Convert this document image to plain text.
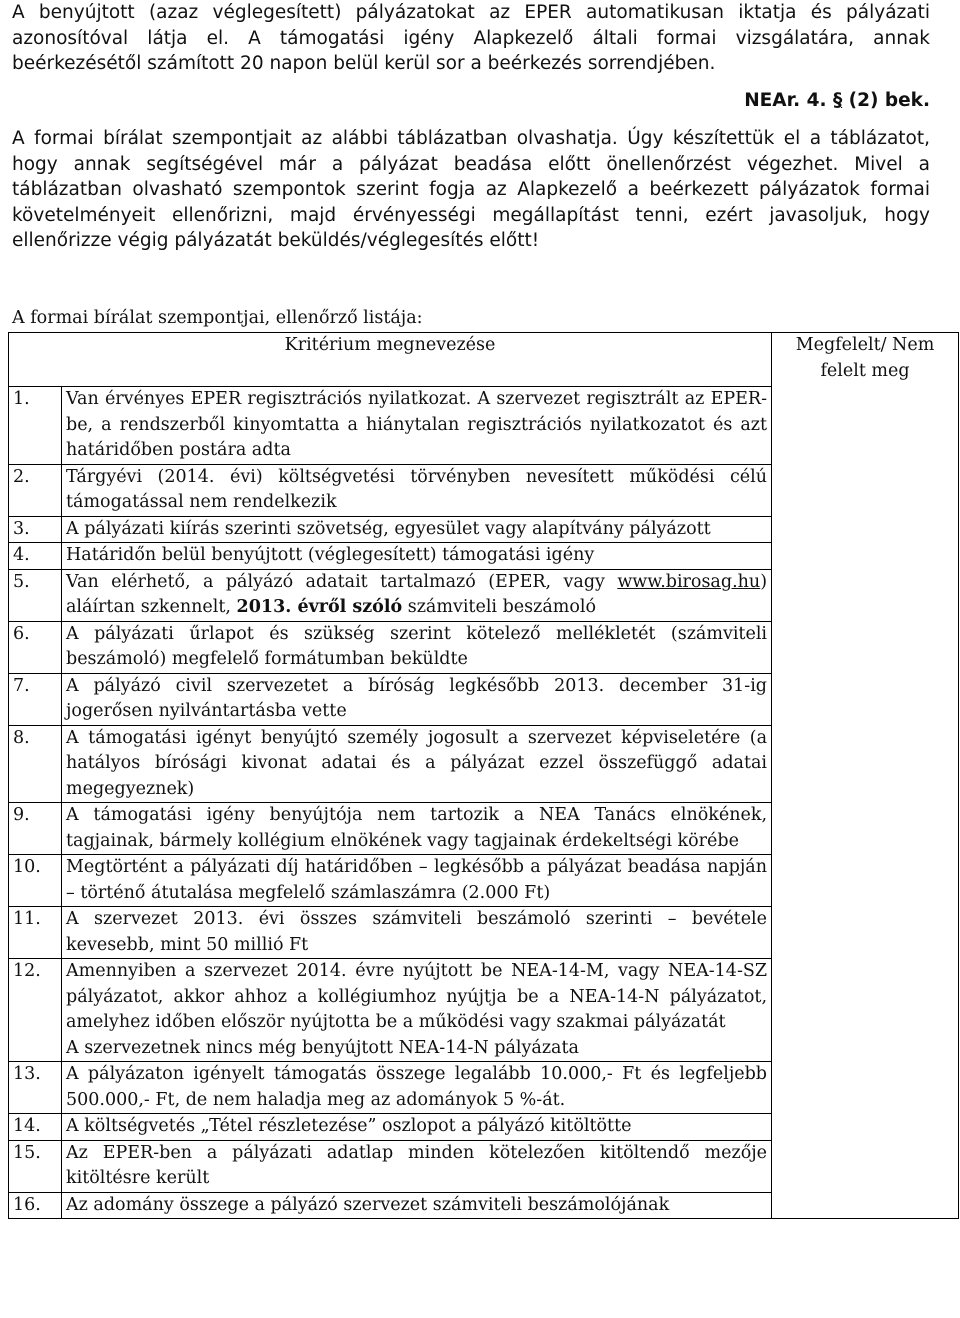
A benyújtott (azaz véglegesített) pályázatokat az EPER automatikusan iktatja és pályázati azonosítóval látja el. A támogatási igény Alapkezelő általi formai vizsgálatára, annak beérkezésétől számított 20 napon belül kerül sor a beérkezés sorrendjében.
NEAr. 4. § (2) bek.
A formai bírálat szempontjait az alábbi táblázatban olvashatja. Úgy készítettük el a táblázatot, hogy annak segítségével már a pályázat beadása előtt önellenőrzést végezhet. Mivel a táblázatban olvasható szempontok szerint fogja az Alapkezelő a beérkezett pályázatok formai követelményeit ellenőrizni, majd érvényességi megállapítást tenni, ezért javasoljuk, hogy ellenőrizze végig pályázatát beküldés/véglegesítés előtt!
A formai bírálat szempontjai, ellenőrző listája:
Kritérium megnevezése		Megfelelt/ Nem felelt meg
1.	Van érvényes EPER regisztrációs nyilatkozat. A szervezet regisztrált az EPER-be, a rendszerből kinyomtatta a hiánytalan regisztrációs nyilatkozatot és azt határidőben postára adta	
2.	Tárgyévi (2014. évi) költségvetési törvényben nevesített működési célú támogatással nem rendelkezik	
3.	A pályázati kiírás szerinti szövetség, egyesület vagy alapítvány pályázott	
4.	Határidőn belül benyújtott (véglegesített) támogatási igény	
5.	Van elérhető, a pályázó adatait tartalmazó (EPER, vagy www.birosag.hu) aláírtan szkennelt, 2013. évről szóló számviteli beszámoló	
6.	A pályázati űrlapot és szükség szerint kötelező mellékletét (számviteli beszámoló) megfelelő formátumban beküldte	
7.	A pályázó civil szervezetet a bíróság legkésőbb 2013. december 31-ig jogerősen nyilvántartásba vette	
8.	A támogatási igényt benyújtó személy jogosult a szervezet képviseletére (a hatályos bírósági kivonat adatai és a pályázat ezzel összefüggő adatai megegyeznek)	
9.	A támogatási igény benyújtója nem tartozik a NEA Tanács elnökének, tagjainak, bármely kollégium elnökének vagy tagjainak érdekeltségi körébe	
10.	Megtörtént a pályázati díj határidőben – legkésőbb a pályázat beadása napján – történő átutalása megfelelő számlaszámra (2.000 Ft)	
11.	A szervezet 2013. évi összes számviteli beszámoló szerinti – bevétele kevesebb, mint 50 millió Ft	
12.	Amennyiben a szervezet 2014. évre nyújtott be NEA-14-M, vagy NEA-14-SZ pályázatot, akkor ahhoz a kollégiumhoz nyújtja be a NEA-14-N pályázatot, amelyhez időben először nyújtotta be a működési vagy szakmai pályázatát
A szervezetnek nincs még benyújtott NEA-14-N pályázata	

13.	A pályázaton igényelt támogatás összege legalább 10.000,- Ft és legfeljebb 500.000,- Ft, de nem haladja meg az adományok 5 %-át.	
14.	A költségvetés „Tétel részletezése” oszlopot a pályázó kitöltötte	
15.	Az EPER-ben a pályázati adatlap minden kötelezően kitöltendő mezője kitöltésre került	
16.	Az adomány összege a pályázó szervezet számviteli beszámolójának	
